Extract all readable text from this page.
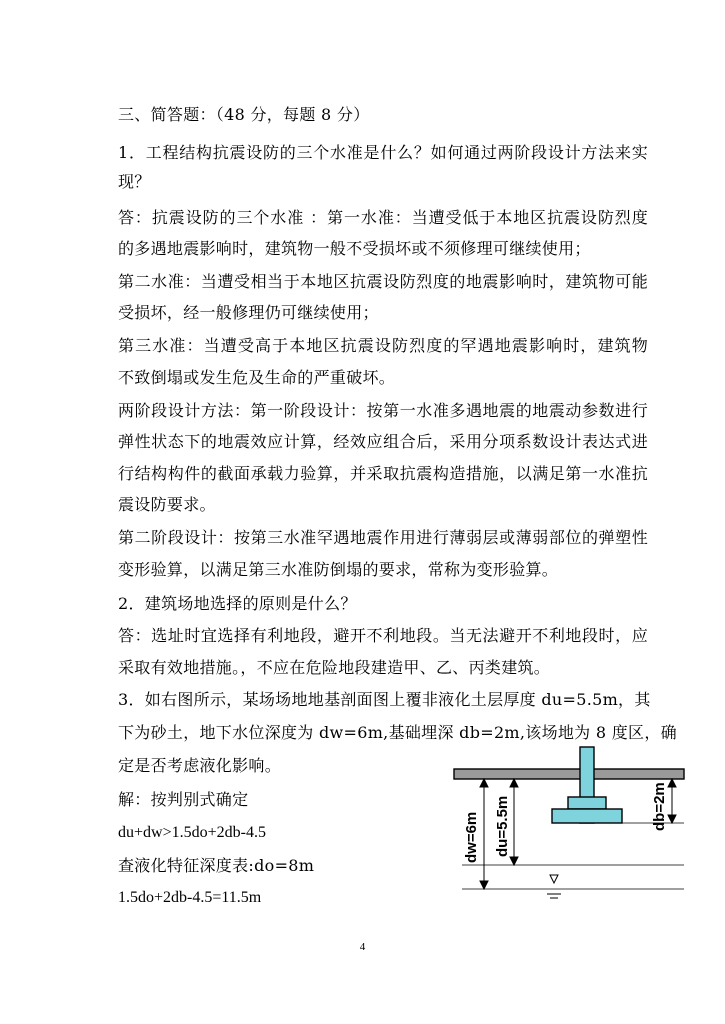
三、简答题：（48 分，每题 8 分）
1．工程结构抗震设防的三个水准是什么？如何通过两阶段设计方法来实
现？
答：抗震设防的三个水准 ：第一水准：当遭受低于本地区抗震设防烈度
的多遇地震影响时，建筑物一般不受损坏或不须修理可继续使用；
第二水准：当遭受相当于本地区抗震设防烈度的地震影响时，建筑物可能
受损坏，经一般修理仍可继续使用；
第三水准：当遭受高于本地区抗震设防烈度的罕遇地震影响时，建筑物
不致倒塌或发生危及生命的严重破坏。
两阶段设计方法：第一阶段设计：按第一水准多遇地震的地震动参数进行
弹性状态下的地震效应计算，经效应组合后，采用分项系数设计表达式进
行结构构件的截面承载力验算，并采取抗震构造措施，以满足第一水准抗
震设防要求。
第二阶段设计：按第三水准罕遇地震作用进行薄弱层或薄弱部位的弹塑性
变形验算，以满足第三水准防倒塌的要求，常称为变形验算。
2．建筑场地选择的原则是什么？
答：选址时宜选择有利地段，避开不利地段。当无法避开不利地段时，应
采取有效地措施。，不应在危险地段建造甲、乙、丙类建筑。
3．如右图所示，某场场地地基剖面图上覆非液化土层厚度 du=5.5m，其
下为砂土，地下水位深度为 dw=6m,基础埋深 db=2m,该场地为 8 度区，确
定是否考虑液化影响。
解：按判别式确定
du+dw>1.5do+2db-4.5
查液化特征深度表:do=8m
1.5do+2db-4.5=11.5m
dw=6m du=5.5m	db=2m
4
